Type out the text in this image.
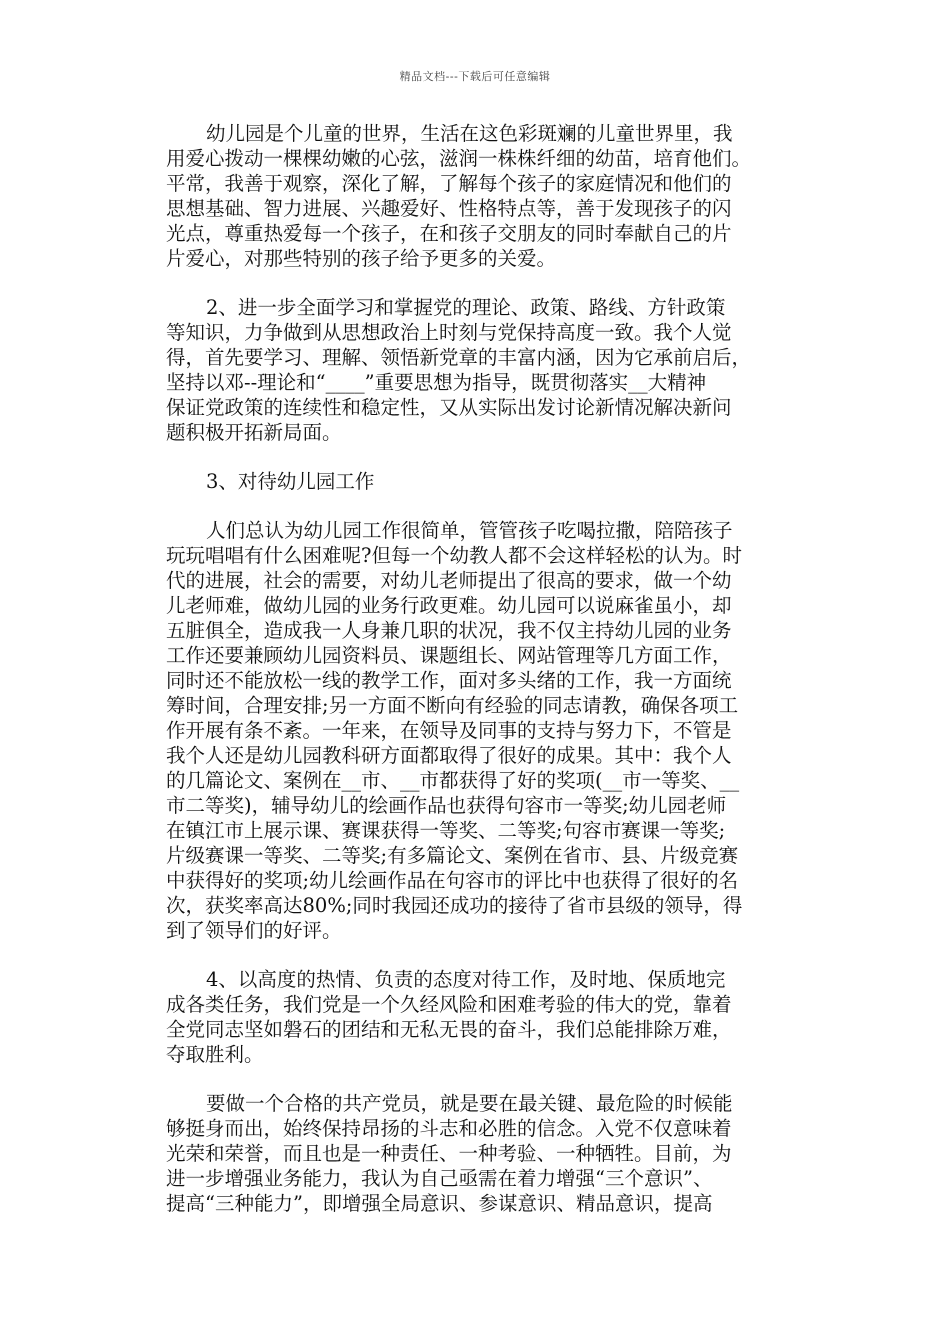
精品文档---下载后可任意编辑
幼儿园是个儿童的世界，生活在这色彩斑斓的儿童世界里，我
用爱心拨动一棵棵幼嫩的心弦，滋润一株株纤细的幼苗，培育他们。
平常，我善于观察，深化了解，了解每个孩子的家庭情况和他们的
思想基础、智力进展、兴趣爱好、性格特点等，善于发现孩子的闪
光点，尊重热爱每一个孩子，在和孩子交朋友的同时奉献自己的片
片爱心，对那些特别的孩子给予更多的关爱。
2、进一步全面学习和掌握党的理论、政策、路线、方针政策
等知识，力争做到从思想政治上时刻与党保持高度一致。我个人觉
得，首先要学习、理解、领悟新党章的丰富内涵，因为它承前启后，
坚持以邓--理论和“____”重要思想为指导，既贯彻落实__大精神
保证党政策的连续性和稳定性，又从实际出发讨论新情况解决新问
题积极开拓新局面。
3、对待幼儿园工作
人们总认为幼儿园工作很简单，管管孩子吃喝拉撒，陪陪孩子
玩玩唱唱有什么困难呢?但每一个幼教人都不会这样轻松的认为。时
代的进展，社会的需要，对幼儿老师提出了很高的要求，做一个幼
儿老师难，做幼儿园的业务行政更难。幼儿园可以说麻雀虽小，却
五脏俱全，造成我一人身兼几职的状况，我不仅主持幼儿园的业务
工作还要兼顾幼儿园资料员、课题组长、网站管理等几方面工作，
同时还不能放松一线的教学工作，面对多头绪的工作，我一方面统
筹时间，合理安排;另一方面不断向有经验的同志请教，确保各项工
作开展有条不紊。一年来，在领导及同事的支持与努力下，不管是
我个人还是幼儿园教科研方面都取得了很好的成果。其中：我个人
的几篇论文、案例在__市、__市都获得了好的奖项(__市一等奖、__
市二等奖)，辅导幼儿的绘画作品也获得句容市一等奖;幼儿园老师
在镇江市上展示课、赛课获得一等奖、二等奖;句容市赛课一等奖;
片级赛课一等奖、二等奖;有多篇论文、案例在省市、县、片级竞赛
中获得好的奖项;幼儿绘画作品在句容市的评比中也获得了很好的名
次，获奖率高达80%;同时我园还成功的接待了省市县级的领导，得
到了领导们的好评。
4、以高度的热情、负责的态度对待工作，及时地、保质地完
成各类任务，我们党是一个久经风险和困难考验的伟大的党，靠着
全党同志坚如磐石的团结和无私无畏的奋斗，我们总能排除万难，
夺取胜利。
要做一个合格的共产党员，就是要在最关键、最危险的时候能
够挺身而出，始终保持昂扬的斗志和必胜的信念。入党不仅意味着
光荣和荣誉，而且也是一种责任、一种考验、一种牺牲。目前，为
进一步增强业务能力，我认为自己亟需在着力增强“三个意识”、
提高“三种能力”，即增强全局意识、参谋意识、精品意识，提高
